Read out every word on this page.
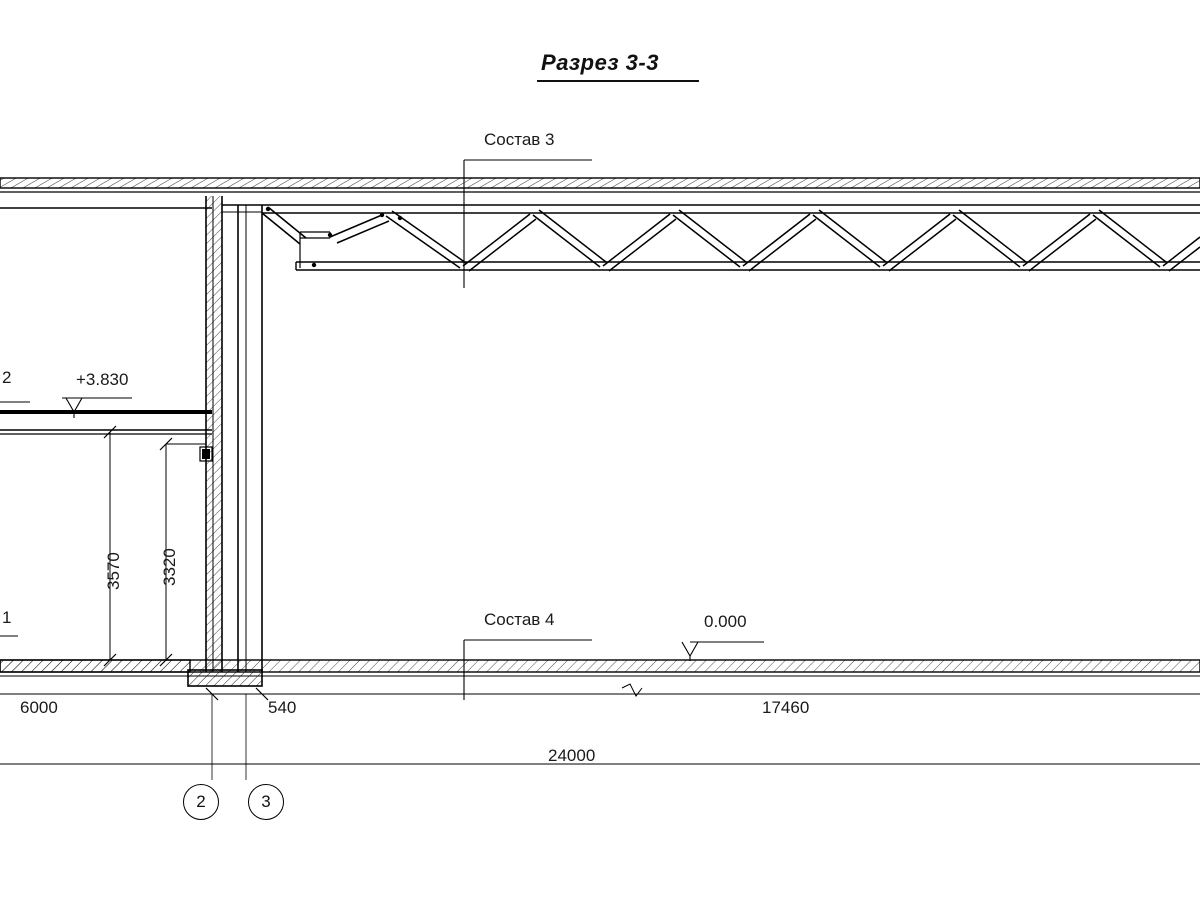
Разрез 3-3
Состав 3
Состав 4
+3.830
0.000
3570 3320
6000	540	17460
24000
2
1
2	3
